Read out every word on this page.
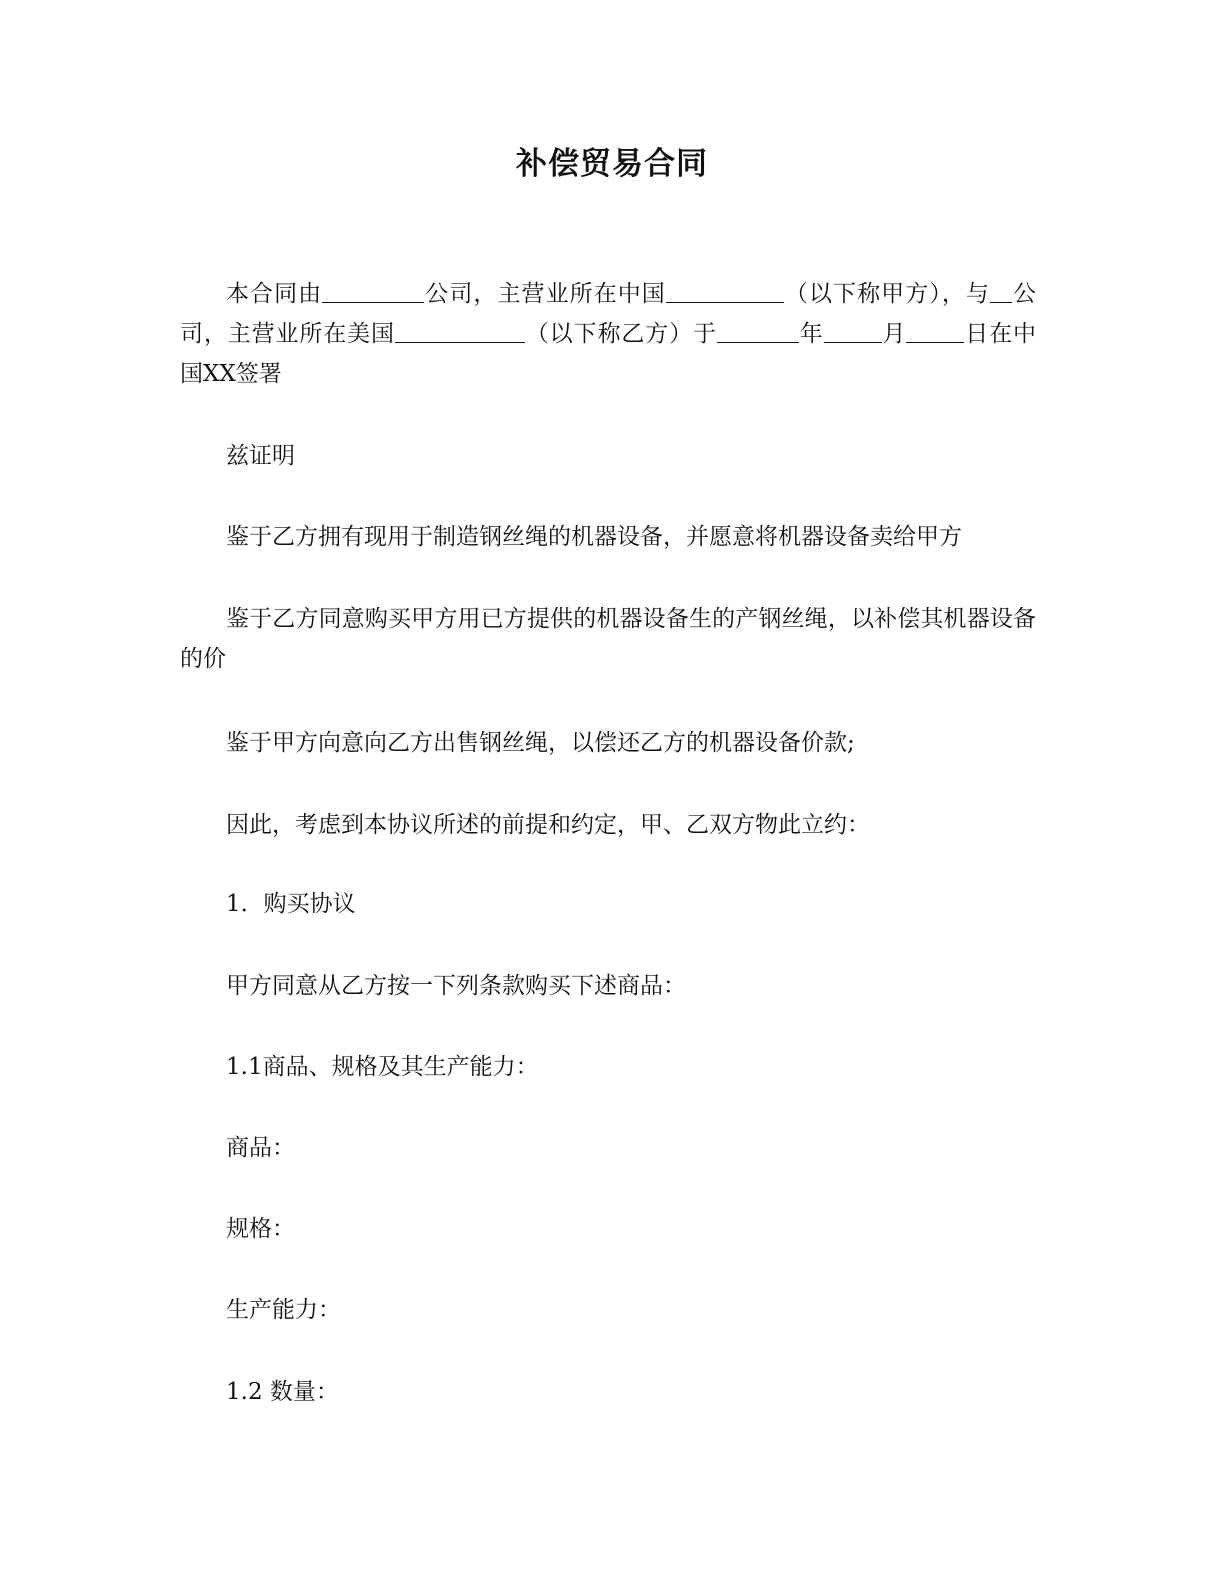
补偿贸易合同
本合同由	公司，主营业所在中国	（以下称甲方），与 公司，主营业所在美国	（以下称乙方）于	年	月	日在中国XX签署
兹证明
鉴于乙方拥有现用于制造钢丝绳的机器设备，并愿意将机器设备卖给甲方
鉴于乙方同意购买甲方用已方提供的机器设备生的产钢丝绳，以补偿其机器设备的价
鉴于甲方向意向乙方出售钢丝绳，以偿还乙方的机器设备价款;
因此，考虑到本协议所述的前提和约定，甲、乙双方物此立约：
1．购买协议
甲方同意从乙方按一下列条款购买下述商品：
1.1商品、规格及其生产能力：
商品：
规格：
生产能力：
1.2 数量：
